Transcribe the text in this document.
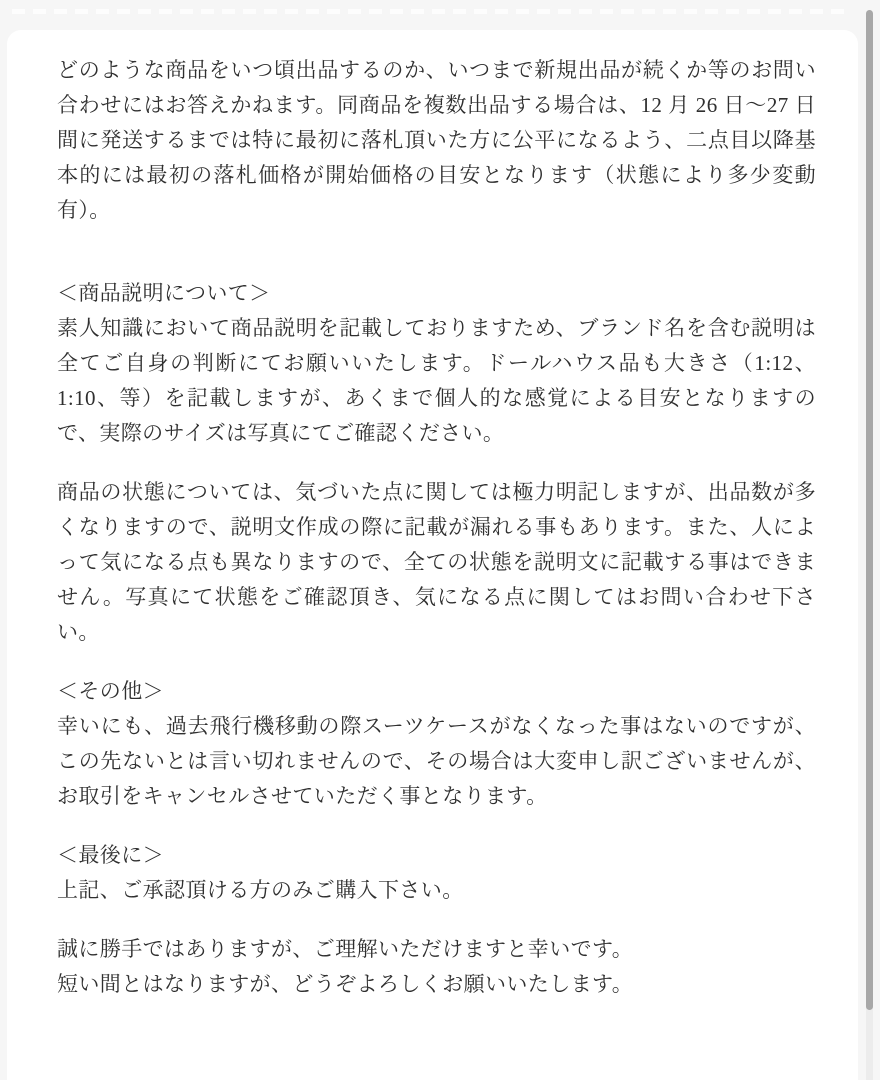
どのような商品をいつ頃出品するのか、いつまで新規出品が続くか等のお問い合わせにはお答えかねます。同商品を複数出品する場合は、12 月 26 日〜27 日間に発送するまでは特に最初に落札頂いた方に公平になるよう、二点目以降基本的には最初の落札価格が開始価格の目安となります（状態により多少変動有）。
＜商品説明について＞
素人知識において商品説明を記載しておりますため、ブランド名を含む説明は全てご自身の判断にてお願いいたします。ドールハウス品も大きさ（1:12、1:10、等）を記載しますが、あくまで個人的な感覚による目安となりますので、実際のサイズは写真にてご確認ください。
商品の状態については、気づいた点に関しては極力明記しますが、出品数が多くなりますので、説明文作成の際に記載が漏れる事もあります。また、人によって気になる点も異なりますので、全ての状態を説明文に記載する事はできません。写真にて状態をご確認頂き、気になる点に関してはお問い合わせ下さい。
＜その他＞
幸いにも、過去飛行機移動の際スーツケースがなくなった事はないのですが、この先ないとは言い切れませんので、その場合は大変申し訳ございませんが、お取引をキャンセルさせていただく事となります。
＜最後に＞
上記、ご承認頂ける方のみご購入下さい。
誠に勝手ではありますが、ご理解いただけますと幸いです。
短い間とはなりますが、どうぞよろしくお願いいたします。
